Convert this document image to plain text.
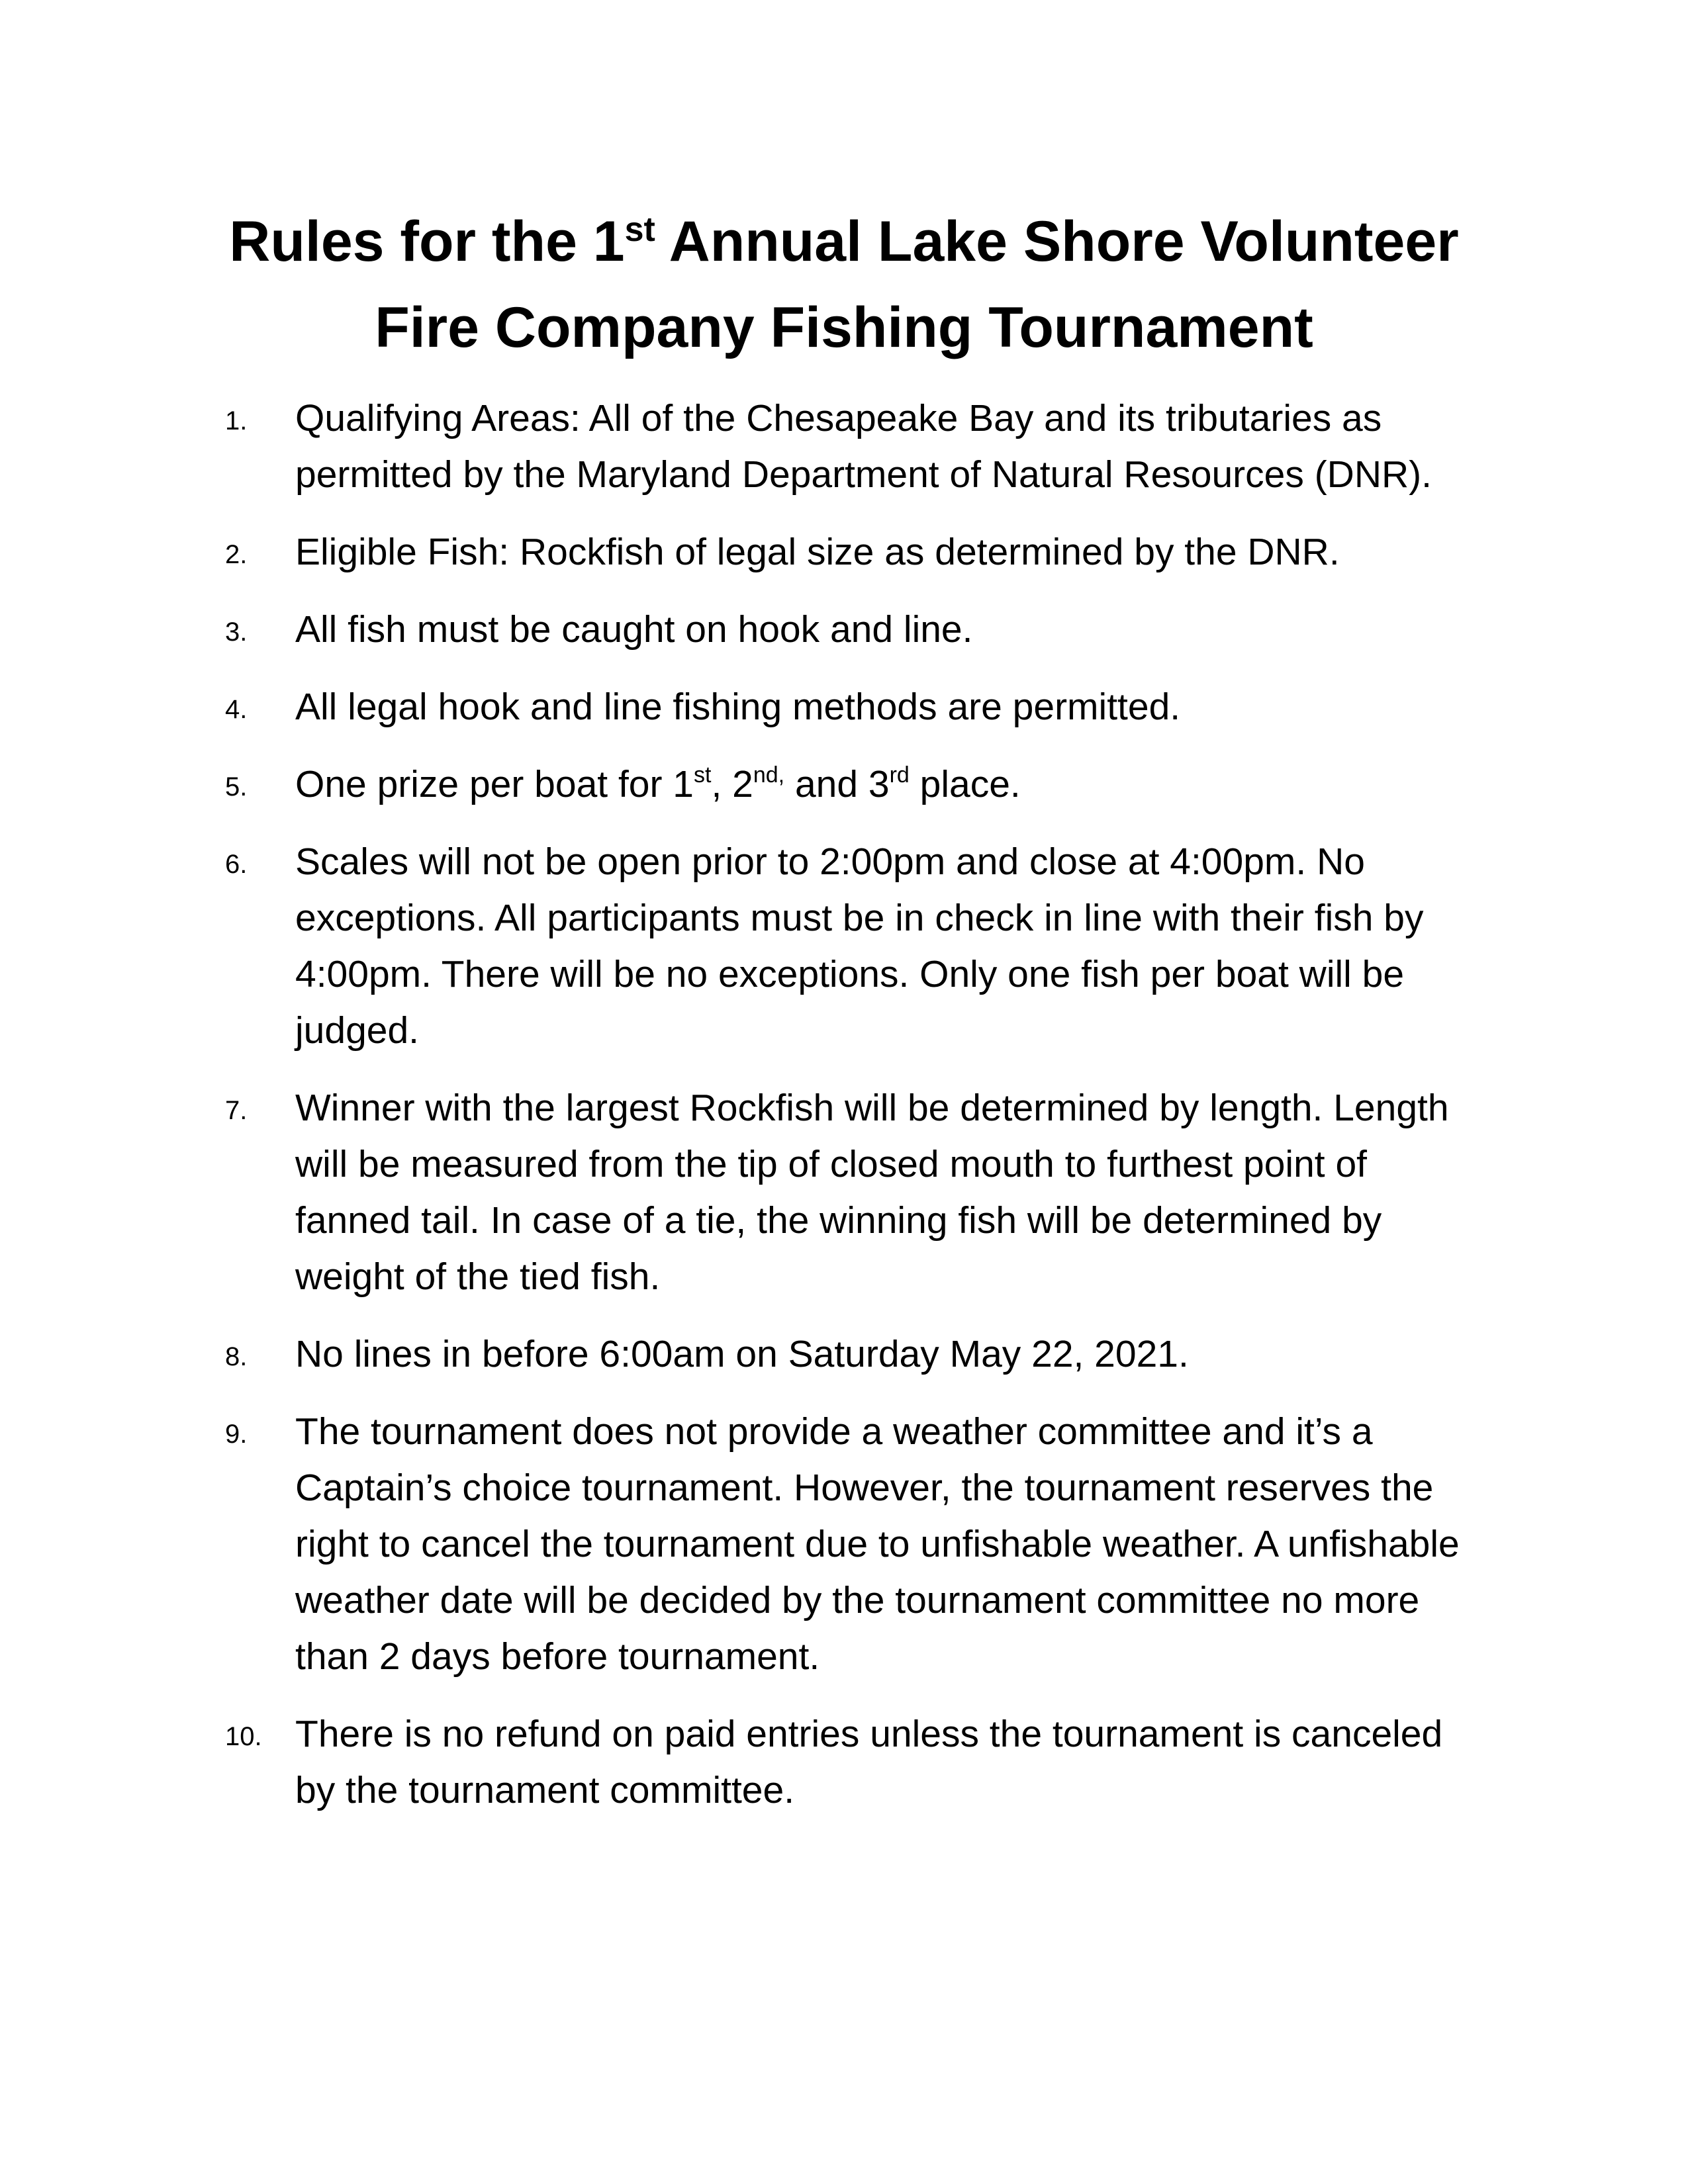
Rules for the 1st Annual Lake Shore Volunteer
Fire Company Fishing Tournament
1.	Qualifying Areas: All of the Chesapeake Bay and its tributaries as permitted by the Maryland Department of Natural Resources (DNR).
2.	Eligible Fish: Rockfish of legal size as determined by the DNR.
3.	All fish must be caught on hook and line.
4.	All legal hook and line fishing methods are permitted.
5.	One prize per boat for 1st, $2^{nd,}$ and 3rd place.
6.	Scales will not be open prior to 2:00pm and close at 4:00pm. No exceptions. All participants must be in check in line with their fish by 4:00pm. There will be no exceptions. Only one fish per boat will be judged.
7.	Winner with the largest Rockfish will be determined by length. Length will be measured from the tip of closed mouth to furthest point of fanned tail. In case of a tie, the winning fish will be determined by weight of the tied fish.
8.	No lines in before 6:00am on Saturday May 22, 2021.
9.	The tournament does not provide a weather committee and it’s a Captain’s choice tournament. However, the tournament reserves the right to cancel the tournament due to unfishable weather. A unfishable weather date will be decided by the tournament committee no more than 2 days before tournament.
10. There is no refund on paid entries unless the tournament is canceled by the tournament committee.
